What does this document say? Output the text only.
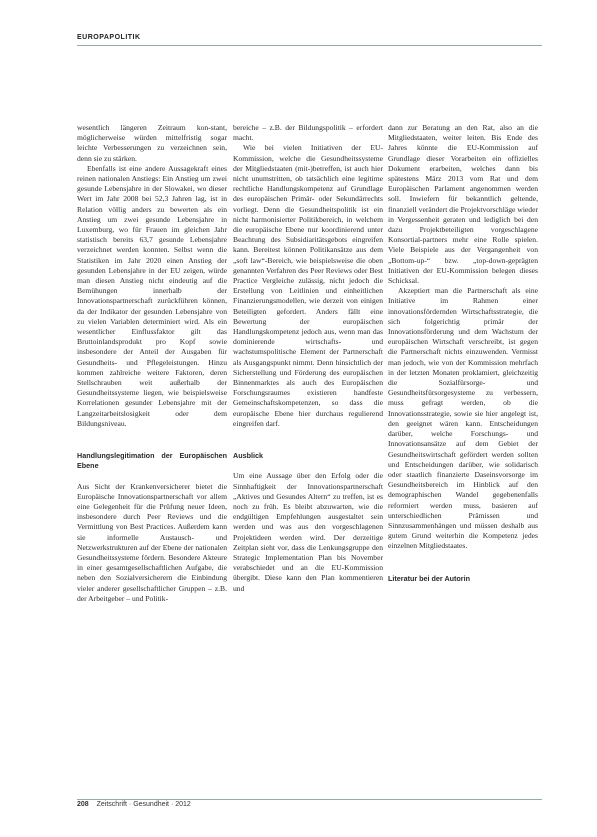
EUROPAPOLITIK

wesentlich längeren Zeitraum kon-stant, möglicherweise würden mittelfristig sogar leichte Verbesserungen zu verzeichnen sein, denn sie zu stärken.

Ebenfalls ist eine andere Aussagekraft eines reinen nationalen Anstiegs: Ein Anstieg um zwei gesunde Lebensjahre in der Slowakei, wo dieser Wert im Jahr 2008 bei 52,3 Jahren lag, ist in Relation völlig anders zu bewerten als ein Anstieg um zwei gesunde Lebensjahre in Luxemburg, wo für Frauen im gleichen Jahr statistisch bereits 63,7 gesunde Lebensjahre verzeichnet werden konnten. Selbst wenn die Statistiken im Jahr 2020 einen Anstieg der gesunden Lebensjahre in der EU zeigen, würde man diesen Anstieg nicht eindeutig auf die Bemühungen innerhalb der Innovationspartnerschaft zurückführen können, da der Indikator der gesunden Lebensjahre von zu vielen Variablen determiniert wird. Als ein wesentlicher Einflussfaktor gilt das Bruttoinlandsprodukt pro Kopf sowie insbesondere der Anteil der Ausgaben für Gesundheits- und Pflegeleistungen. Hinzu kommen zahlreiche weitere Faktoren, deren Stellschrauben weit außerhalb der Gesundheitssysteme liegen, wie beispielsweise Korrelationen gesunder Lebensjahre mit der Langzeitarbeitslosigkeit oder dem Bildungsniveau.

Handlungslegitimation der Europäischen Ebene

Aus Sicht der Krankenversicherer bietet die Europäische Innovationspartnerschaft vor allem eine Gelegenheit für die Prüfung neuer Ideen, insbesondere durch Peer Reviews und die Vermittlung von Best Practices. Außerdem kann sie informelle Austausch- und Netzwerkstrukturen auf der Ebene der nationalen Gesundheitssysteme fördern. Besondere Akteure in einer gesamtgesellschaftlichen Aufgabe, die neben den Sozialversicherern die Einbindung vieler anderer gesellschaftlicher Gruppen – z.B. der Arbeitgeber – und Politik-

bereiche – z.B. der Bildungspolitik – erfordert macht.

Wie bei vielen Initiativen der EU-Kommission, welche die Gesundheitssysteme der Mitgliedstaaten (mit-)betreffen, ist auch hier nicht unumstritten, ob tatsächlich eine legitime rechtliche Handlungskompetenz auf Grundlage des europäischen Primär- oder Sekundärrechts vorliegt. Denn die Gesundheitspolitik ist ein nicht harmonisierter Politikbereich, in welchem die europäische Ebene nur koordinierend unter Beachtung des Subsidiaritätsgebots eingreifen kann. Bereitest können Politikansätze aus dem „soft law“-Bereich, wie beispielsweise die oben genannten Verfahren des Peer Reviews oder Best Practice Vergleiche zulässig, nicht jedoch die Erstellung von Leitlinien und einheitlichen Finanzierungsmodellen, wie derzeit von einigen Beteiligten gefordert. Anders fällt eine Bewertung der europäischen Handlungskompetenz jedoch aus, wenn man das dominierende wirtschafts- und wachstumspolitische Element der Partnerschaft als Ausgangspunkt nimmt. Denn hinsichtlich der Sicherstellung und Förderung des europäischen Binnenmarktes als auch des Europäischen Forschungsraumes existieren handfeste Gemeinschaftskompetenzen, so dass die europäische Ebene hier durchaus regulierend eingreifen darf.

Ausblick

Um eine Aussage über den Erfolg oder die Sinnhaftigkeit der Innovationspartnerschaft „Aktives und Gesundes Altern“ zu treffen, ist es noch zu früh. Es bleibt abzuwarten, wie die endgültigen Empfehlungen ausgestaltet sein werden und was aus den vorgeschlagenen Projektideen werden wird. Der derzeitige Zeitplan sieht vor, dass die Lenkungsgruppe den Strategic Implementation Plan bis November verabschiedet und an die EU-Kommission übergibt. Diese kann den Plan kommentieren und

dann zur Beratung an den Rat, also an die Mitgliedstaaten, weiter leiten. Bis Ende des Jahres könnte die EU-Kommission auf Grundlage dieser Vorarbeiten ein offizielles Dokument erarbeiten, welches dann bis spätestens März 2013 vom Rat und dem Europäischen Parlament angenommen werden soll. Inwiefern für bekanntlich geltende, finanziell verändert die Projektvorschläge wieder in Vergessenheit geraten und lediglich bei den dazu Projektbeteiligten vorgeschlagene Konsortial-partners mehr eine Rolle spielen. Viele Beispiele aus der Vergangenheit von „Bottom-up-“ bzw. „top-down-geprägten Initiativen der EU-Kommission belegen dieses Schicksal.

Akzeptiert man die Partnerschaft als eine Initiative im Rahmen einer innovationsfördernden Wirtschaftsstrategie, die sich folgerichtig primär der Innovationsförderung und dem Wachstum der europäischen Wirtschaft verschreibt, ist gegen die Partnerschaft nichts einzuwenden. Vermisst man jedoch, wie von der Kommission mehrfach in der letzten Monaten proklamiert, gleichzeitig die Sozialfürsorge- und Gesundheitsfürsorgesysteme zu verbessern, muss gefragt werden, ob die Innovationsstrategie, sowie sie hier angelegt ist, den geeignet wären kann. Entscheidungen darüber, welche Forschungs- und Innovationsansätze auf dem Gebiet der Gesundheitswirtschaft gefördert werden sollten und Entscheidungen darüber, wie solidarisch oder staatlich finanzierte Daseinsvorsorge im Gesundheitsbereich im Hinblick auf den demographischen Wandel gegebenenfalls reformiert werden muss, basieren auf unterschiedlichen Prämissen und Sinnzusammenhängen und müssen deshalb aus gutem Grund weiterhin die Kompetenz jedes einzelnen Mitgliedstaates.

Literatur bei der Autorin
208 Zeitschrift · Gesundheit · 2012
